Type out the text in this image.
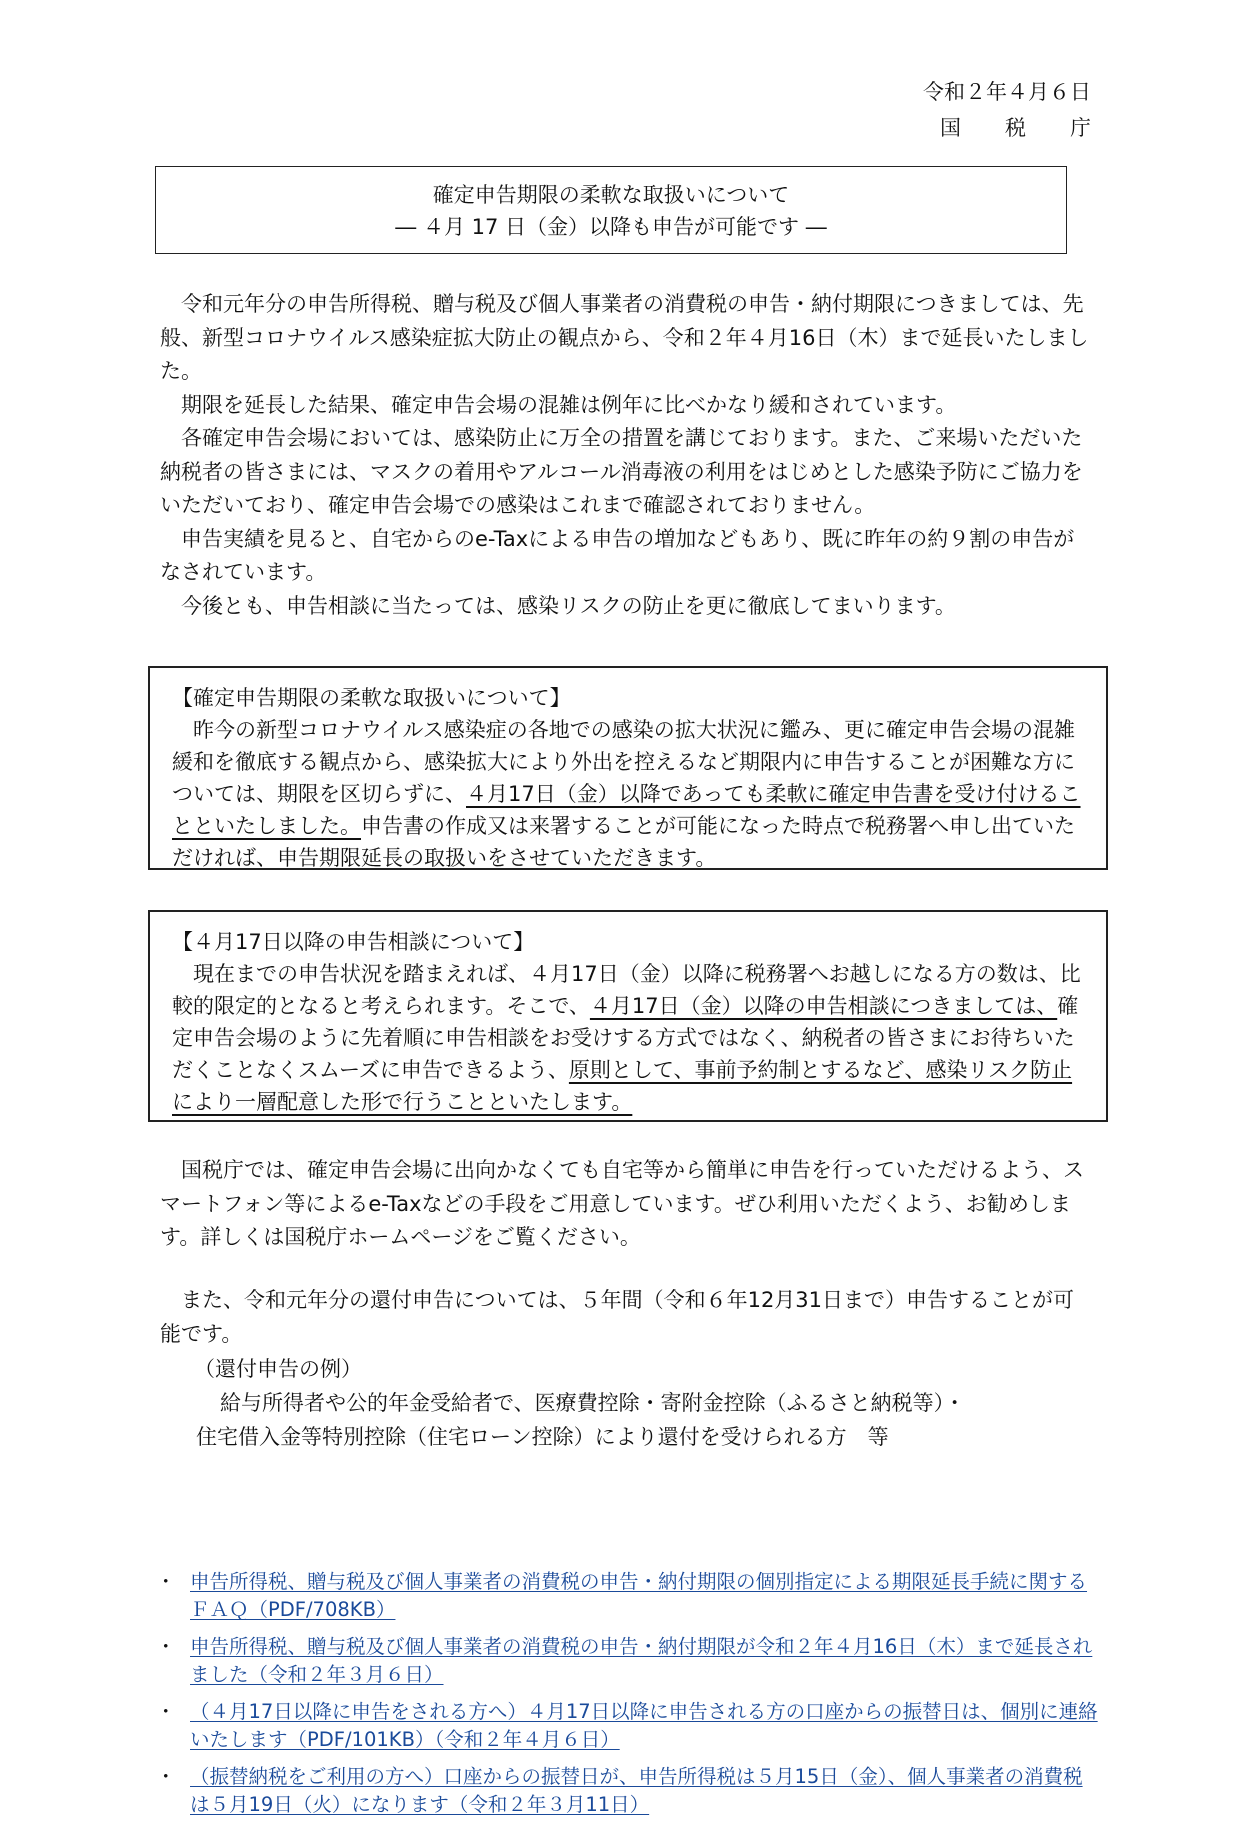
令和２年４月６日
国税庁
確定申告期限の柔軟な取扱いについて
― ４月 17 日（金）以降も申告が可能です ―

令和元年分の申告所得税、贈与税及び個人事業者の消費税の申告・納付期限につきましては、先般、新型コロナウイルス感染症拡大防止の観点から、令和２年４月16日（木）まで延長いたしました。

期限を延長した結果、確定申告会場の混雑は例年に比べかなり緩和されています。

各確定申告会場においては、感染防止に万全の措置を講じております。また、ご来場いただいた納税者の皆さまには、マスクの着用やアルコール消毒液の利用をはじめとした感染予防にご協力をいただいており、確定申告会場での感染はこれまで確認されておりません。

申告実績を見ると、自宅からのe-Taxによる申告の増加などもあり、既に昨年の約９割の申告がなされています。

今後とも、申告相談に当たっては、感染リスクの防止を更に徹底してまいります。

【確定申告期限の柔軟な取扱いについて】

昨今の新型コロナウイルス感染症の各地での感染の拡大状況に鑑み、更に確定申告会場の混雑緩和を徹底する観点から、感染拡大により外出を控えるなど期限内に申告することが困難な方については、期限を区切らずに、４月17日（金）以降であっても柔軟に確定申告書を受け付けることといたしました。申告書の作成又は来署することが可能になった時点で税務署へ申し出ていただければ、申告期限延長の取扱いをさせていただきます。

【４月17日以降の申告相談について】

現在までの申告状況を踏まえれば、４月17日（金）以降に税務署へお越しになる方の数は、比較的限定的となると考えられます。そこで、４月17日（金）以降の申告相談につきましては、確定申告会場のように先着順に申告相談をお受けする方式ではなく、納税者の皆さまにお待ちいただくことなくスムーズに申告できるよう、原則として、事前予約制とするなど、感染リスク防止により一層配意した形で行うことといたします。

国税庁では、確定申告会場に出向かなくても自宅等から簡単に申告を行っていただけるよう、スマートフォン等によるe-Taxなどの手段をご用意しています。ぜひ利用いただくよう、お勧めします。詳しくは国税庁ホームページをご覧ください。

また、令和元年分の還付申告については、５年間（令和６年12月31日まで）申告することが可能です。

（還付申告の例）
給与所得者や公的年金受給者で、医療費控除・寄附金控除（ふるさと納税等）・
住宅借入金等特別控除（住宅ローン控除）により還付を受けられる方　等
・ 申告所得税、贈与税及び個人事業者の消費税の申告・納付期限の個別指定による期限延長手続に関するＦＡＱ（PDF/708KB）
・ 申告所得税、贈与税及び個人事業者の消費税の申告・納付期限が令和２年４月16日（木）まで延長されました（令和２年３月６日）
・ （４月17日以降に申告をされる方へ）４月17日以降に申告される方の口座からの振替日は、個別に連絡いたします（PDF/101KB）（令和２年４月６日）
・ （振替納税をご利用の方へ）口座からの振替日が、申告所得税は５月15日（金）、個人事業者の消費税は５月19日（火）になります（令和２年３月11日）
